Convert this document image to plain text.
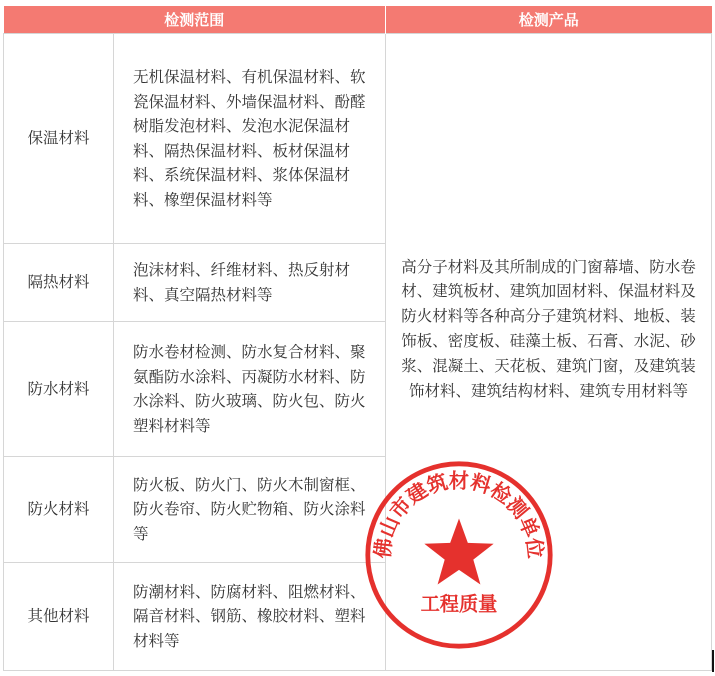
检测范围		检测产品
保温材料	无机保温材料、有机保温材料、软瓷保温材料、外墙保温材料、酚醛树脂发泡材料、发泡水泥保温材料、隔热保温材料、板材保温材料、系统保温材料、浆体保温材料、橡塑保温材料等	高分子材料及其所制成的门窗幕墙、防水卷材、建筑板材、建筑加固材料、保温材料及防火材料等各种高分子建筑材料、地板、装饰板、密度板、硅藻土板、石膏、水泥、砂浆、混凝土、天花板、建筑门窗，及建筑装饰材料、建筑结构材料、建筑专用材料等

隔热材料	泡沫材料、纤维材料、热反射材料、真空隔热材料等	
防水材料	防水卷材检测、防水复合材料、聚氨酯防水涂料、丙凝防水材料、防水涂料、防火玻璃、防火包、防火塑料材料等	
防火材料	防火板、防火门、防火木制窗框、防火卷帘、防火贮物箱、防火涂料等	
其他材料	防潮材料、防腐材料、阻燃材料、隔音材料、钢筋、橡胶材料、塑料材料等	
佛山市建筑材料检测单位
工程质量
